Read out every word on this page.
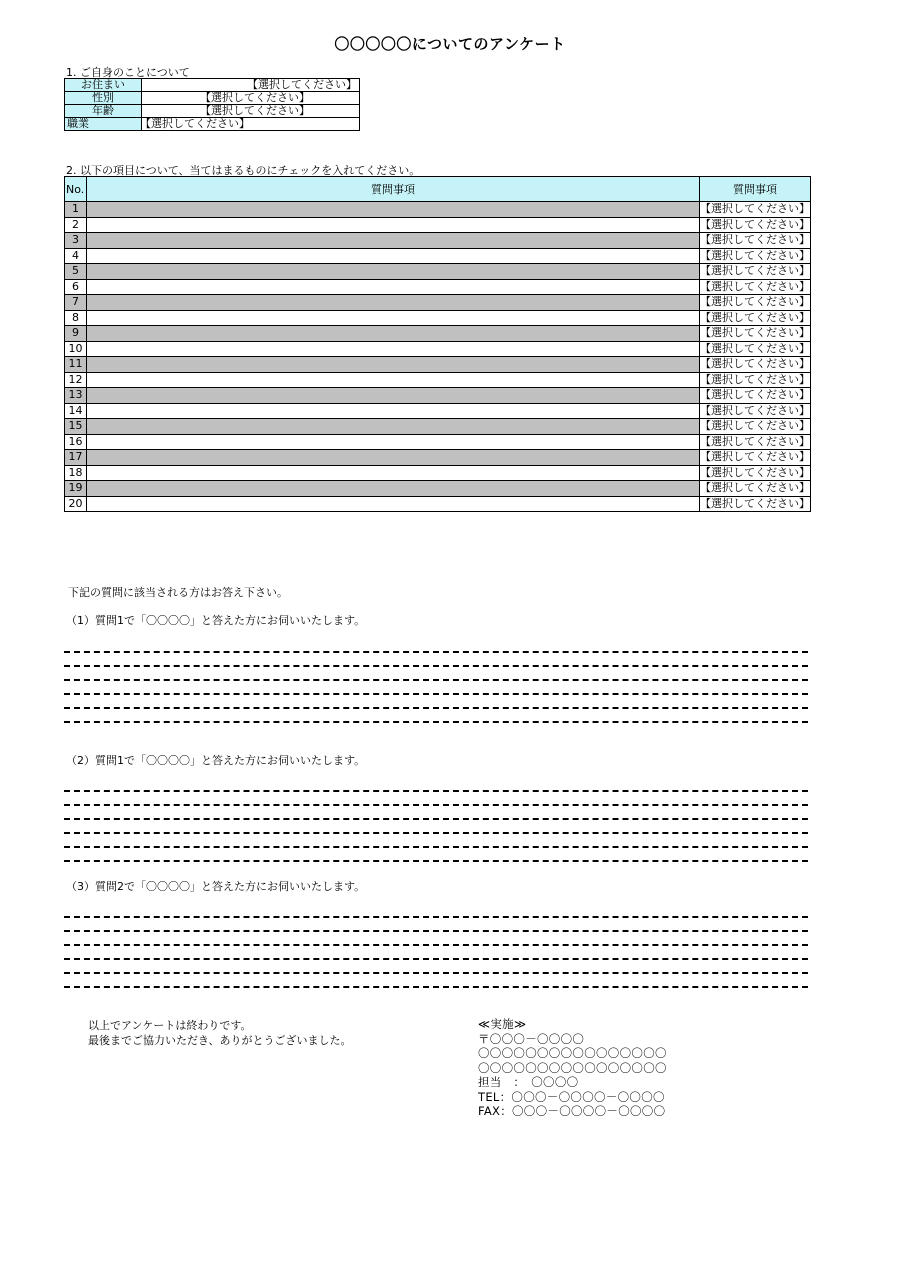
〇〇〇〇〇についてのアンケート
1. ご自身のことについて
お住まい	【選択してください】

性別	【選択してください】

年齢	【選択してください】

職業	【選択してください】
2. 以下の項目について、当てはまるものにチェックを入れてください。
No.	質問事項	質問事項
1		【選択してください】
2		【選択してください】
3		【選択してください】
4		【選択してください】
5		【選択してください】
6		【選択してください】
7		【選択してください】
8		【選択してください】
9		【選択してください】
10		【選択してください】
11		【選択してください】
12		【選択してください】
13		【選択してください】
14		【選択してください】
15		【選択してください】
16		【選択してください】
17		【選択してください】
18		【選択してください】
19		【選択してください】
20		【選択してください】
下記の質問に該当される方はお答え下さい。
（1）質問1で「〇〇〇〇」と答えた方にお伺いいたします。
（2）質問1で「〇〇〇〇」と答えた方にお伺いいたします。
（3）質問2で「〇〇〇〇」と答えた方にお伺いいたします。
以上でアンケートは終わりです。
最後までご協力いただき、ありがとうございました。
≪実施≫
〒〇〇〇－〇〇〇〇
〇〇〇〇〇〇〇〇〇〇〇〇〇〇〇〇
〇〇〇〇〇〇〇〇〇〇〇〇〇〇〇〇
担当　：　〇〇〇〇
TEL：〇〇〇－〇〇〇〇－〇〇〇〇
FAX：〇〇〇－〇〇〇〇－〇〇〇〇
